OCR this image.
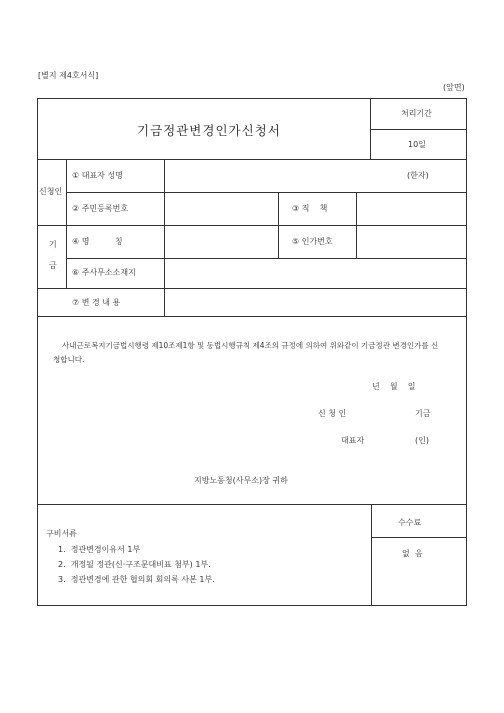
[별지 제4호서식]
(앞면)
기금정관변경인가신청서
처리기간
10일
신청인
① 대표자 성명	(한자)
② 주민등록번호	③ 직    책
기
금
④ 명          칭	⑤ 인가번호
⑥ 주사무소소재지
⑦ 변 경 내 용
사내근로복지기금법시행령 제10조제1항 및 동법시행규칙 제4조의 규정에 의하여 위와같이 기금정관 변경인가를 신청합니다.
년    월    일
신 청 인	기금
대표자	(인)
지방노동청(사무소)장 귀하
수수료
없  음
구비서류
1.  정관변경이유서 1부
2.  개정될 정관(신·구조문대비표 첨부) 1부.
3.  정관변경에 관한 협의회 회의록 사본 1부.
